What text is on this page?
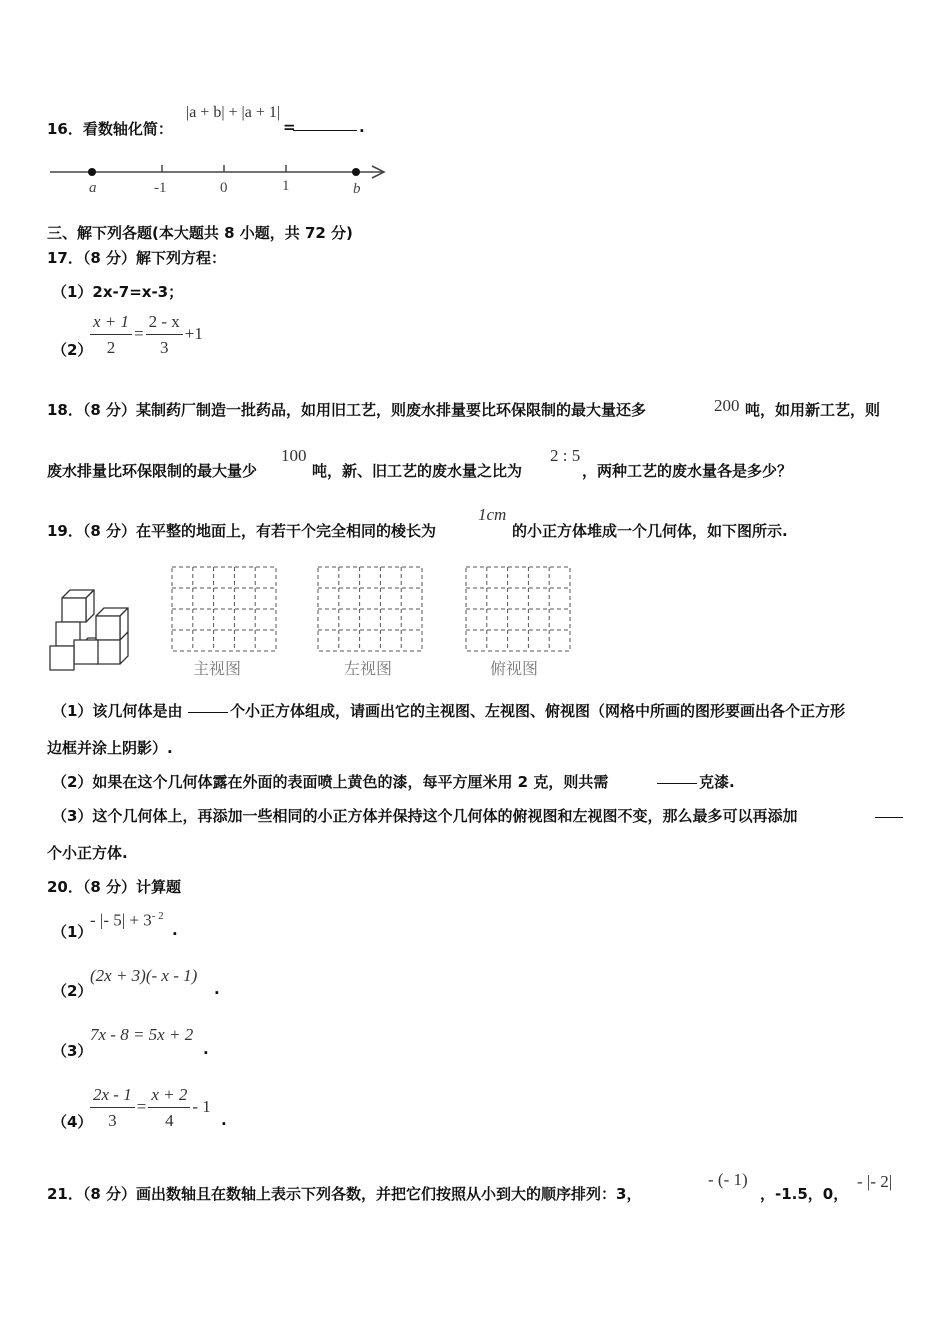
16．看数轴化简：
|a + b| + |a + 1|
=	.
a	-1	0	1	b
三、解下列各题(本大题共 8 小题，共 72 分)
17．（8 分）解下列方程：
（1）2x-7=x-3；
（2）
$\frac{x + 1}{2} = \frac{2 - x}{3} +1$
18．（8 分）某制药厂制造一批药品，如用旧工艺，则废水排量要比环保限制的最大量还多	200 吨，如用新工艺，则
废水排量比环保限制的最大量少
100
吨，新、旧工艺的废水量之比为
2 : 5
，两种工艺的废水量各是多少？
19．（8 分）在平整的地面上，有若干个完全相同的棱长为
1cm
的小正方体堆成一个几何体，如下图所示.
主视图	左视图	俯视图
（1）该几何体是由	个小正方体组成，请画出它的主视图、左视图、俯视图（网格中所画的图形要画出各个正方形
边框并涂上阴影）.
（2）如果在这个几何体露在外面的表面喷上黄色的漆，每平方厘米用 2 克，则共需	克漆.
（3）这个几何体上，再添加一些相同的小正方体并保持这个几何体的俯视图和左视图不变，那么最多可以再添加
个小正方体.
20．（8 分）计算题
（1）
- |- $5| + 3^{- 2}$
.
（2）
(2x + 3)(- x - 1)
.
（3）
7x - 8 = 5x + 2
.
（4）
$\frac{2x - 1}{3} = \frac{x + 2}{4} - 1$
.
21．（8 分）画出数轴且在数轴上表示下列各数，并把它们按照从小到大的顺序排列：3，
- (- 1)
，-1.5，0，
- |- 2|
